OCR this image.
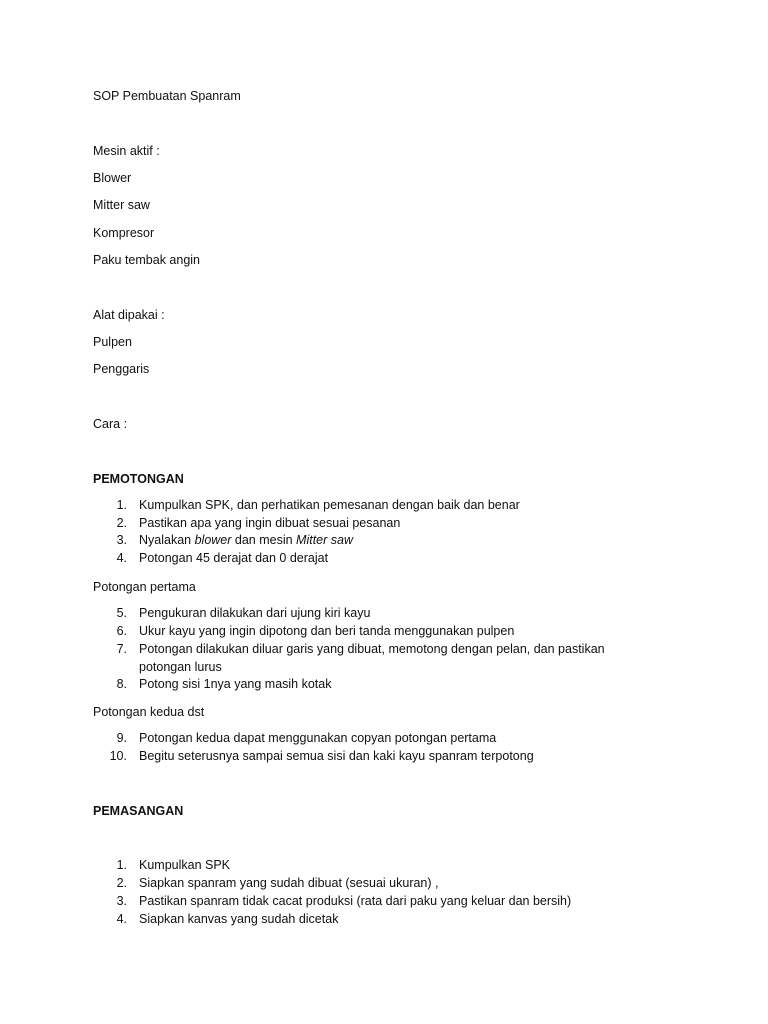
SOP Pembuatan Spanram
Mesin aktif :
Blower
Mitter saw
Kompresor
Paku tembak angin
Alat dipakai :
Pulpen
Penggaris
Cara :
PEMOTONGAN
1. Kumpulkan SPK, dan perhatikan pemesanan dengan baik dan benar
2. Pastikan apa yang ingin dibuat sesuai pesanan
3. Nyalakan blower dan mesin Mitter saw
4. Potongan 45 derajat dan 0 derajat
Potongan pertama
5. Pengukuran dilakukan dari ujung kiri kayu
6. Ukur kayu yang ingin dipotong dan beri tanda menggunakan pulpen
7. Potongan dilakukan diluar garis yang dibuat, memotong dengan pelan, dan pastikan potongan lurus
8. Potong sisi 1nya yang masih kotak
Potongan kedua dst
9. Potongan kedua dapat menggunakan copyan potongan pertama
10. Begitu seterusnya sampai semua sisi dan kaki kayu spanram terpotong
PEMASANGAN
1. Kumpulkan SPK
2. Siapkan spanram yang sudah dibuat (sesuai ukuran) ,
3. Pastikan spanram tidak cacat produksi (rata dari paku yang keluar dan bersih)
4. Siapkan kanvas yang sudah dicetak
